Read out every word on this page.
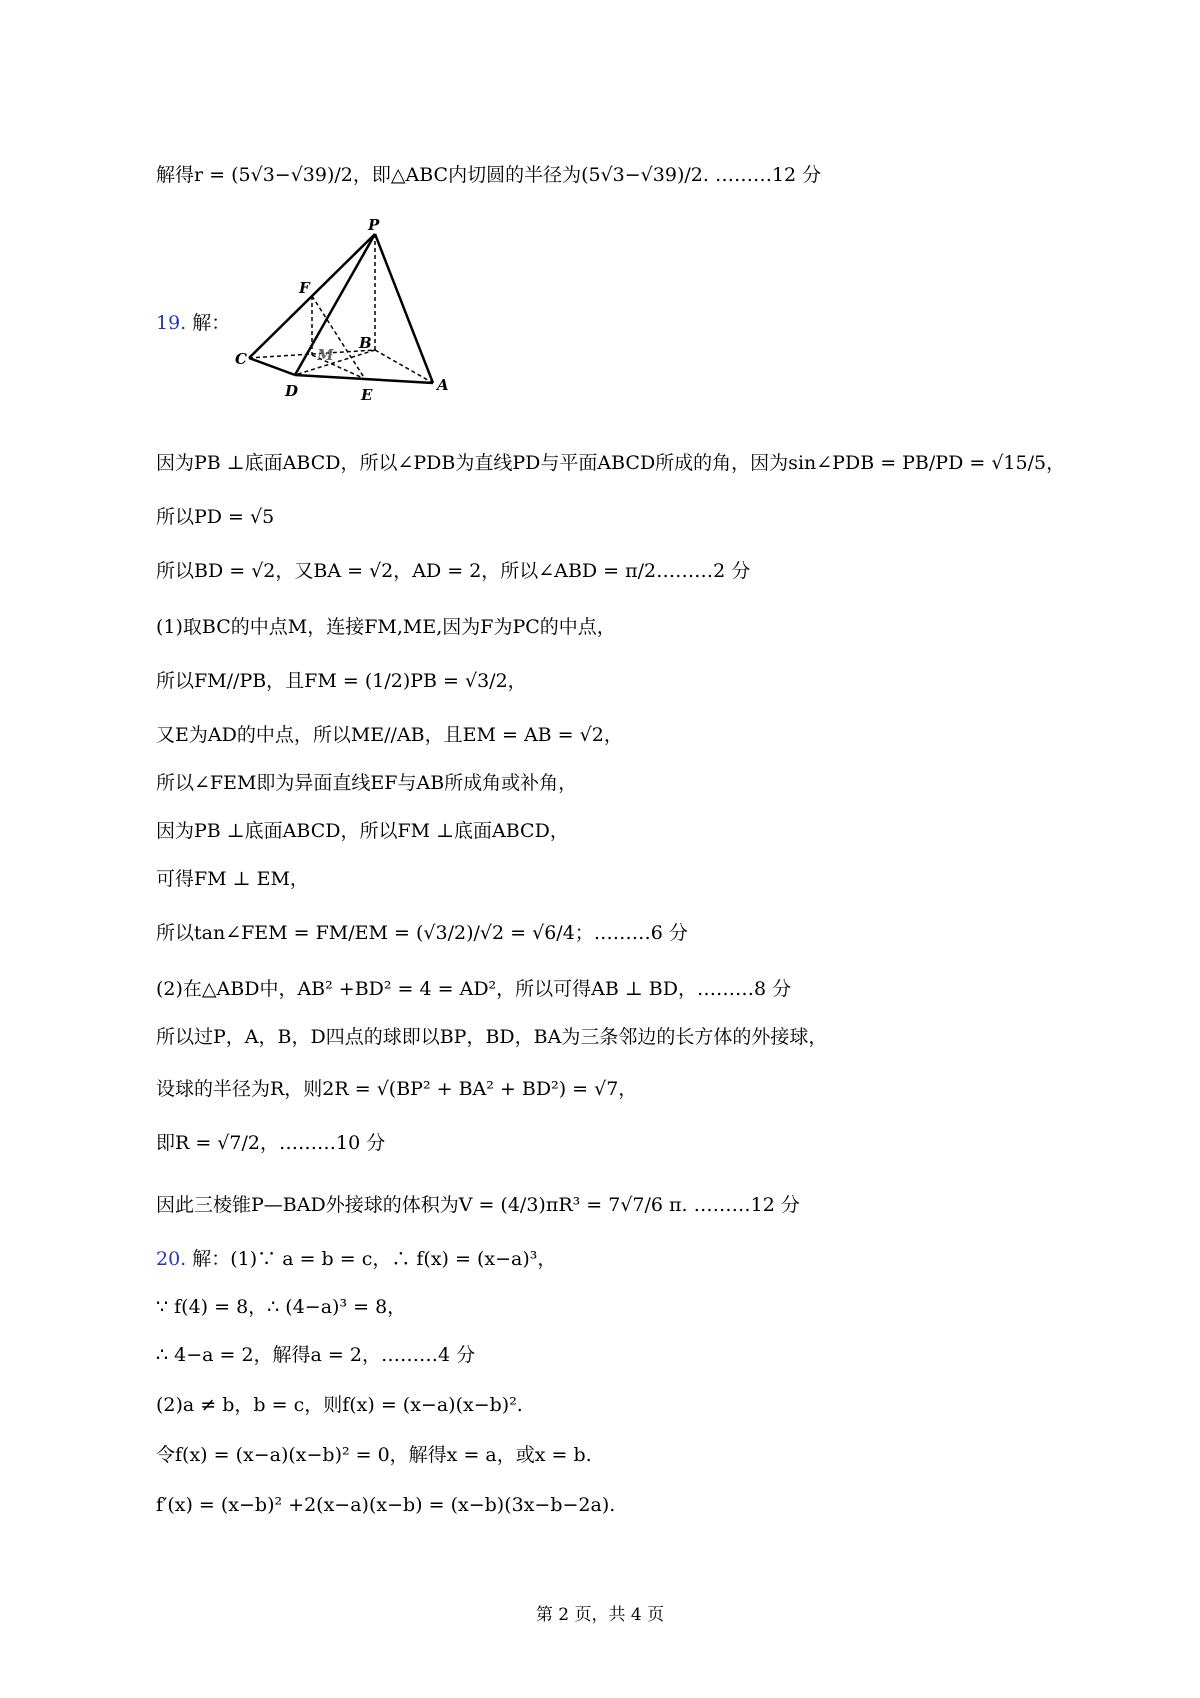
解得r = (5√3−√39)/2，即△ABC内切圆的半径为(5√3−√39)/2. ………12 分
19. 解：
P
F
M
B
C
A
D	E
因为PB ⊥底面ABCD，所以∠PDB为直线PD与平面ABCD所成的角，因为sin∠PDB = PB/PD = √15/5，
所以PD = √5
所以BD = √2，又BA = √2，AD = 2，所以∠ABD = π/2………2 分
(1)取BC的中点M，连接FM,ME,因为F为PC的中点，
所以FM//PB，且FM = (1/2)PB = √3/2，
又E为AD的中点，所以ME//AB，且EM = AB = √2，
所以∠FEM即为异面直线EF与AB所成角或补角，
因为PB ⊥底面ABCD，所以FM ⊥底面ABCD，
可得FM ⊥ EM，
所以tan∠FEM = FM/EM = (√3/2)/√2 = √6/4；………6 分
(2)在△ABD中，AB² +BD² = 4 = AD²，所以可得AB ⊥ BD，………8 分
所以过P，A，B，D四点的球即以BP，BD，BA为三条邻边的长方体的外接球，
设球的半径为R，则2R = √(BP² + BA² + BD²) = √7，
即R = √7/2，………10 分
因此三棱锥P—BAD外接球的体积为V = (4/3)πR³ = 7√7/6 π. ………12 分
20. 解：(1)∵ a = b = c，∴ f(x) = (x−a)³，
∵ f(4) = 8，∴ (4−a)³ = 8，
∴ 4−a = 2，解得a = 2，………4 分
(2)a ≠ b，b = c，则f(x) = (x−a)(x−b)².
令f(x) = (x−a)(x−b)² = 0，解得x = a，或x = b.
f′(x) = (x−b)² +2(x−a)(x−b) = (x−b)(3x−b−2a).
第 2 页，共 4 页
